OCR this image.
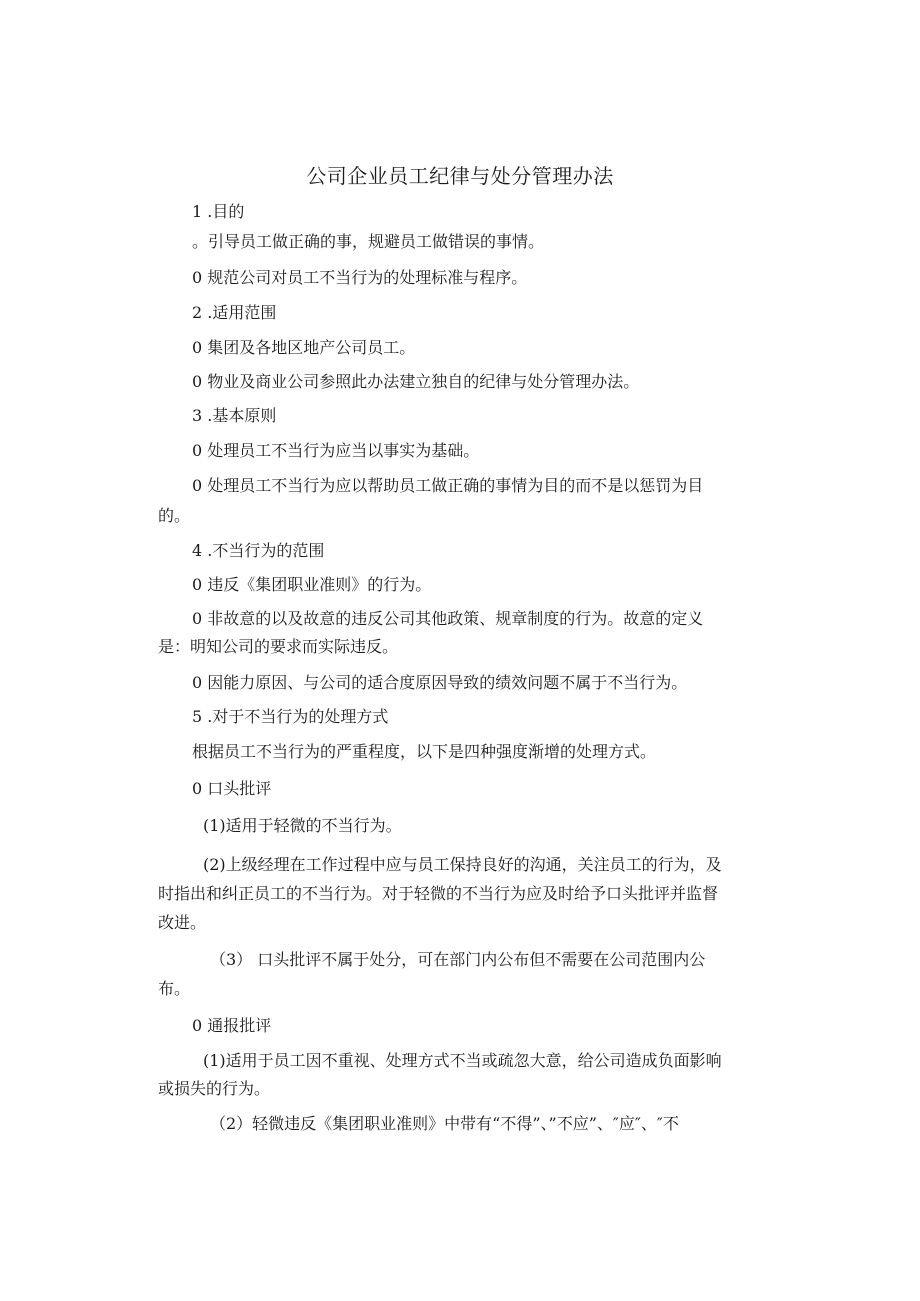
公司企业员工纪律与处分管理办法
1 .目的
。引导员工做正确的事，规避员工做错误的事情。
0 规范公司对员工不当行为的处理标准与程序。
2 .适用范围
0 集团及各地区地产公司员工。
0 物业及商业公司参照此办法建立独自的纪律与处分管理办法。
3 .基本原则
0 处理员工不当行为应当以事实为基础。
0 处理员工不当行为应以帮助员工做正确的事情为目的而不是以惩罚为目
的。
4 .不当行为的范围
0 违反《集团职业准则》的行为。
0 非故意的以及故意的违反公司其他政策、规章制度的行为。故意的定义
是：明知公司的要求而实际违反。
0 因能力原因、与公司的适合度原因导致的绩效问题不属于不当行为。
5 .对于不当行为的处理方式
根据员工不当行为的严重程度，以下是四种强度渐增的处理方式。
0 口头批评
(1)适用于轻微的不当行为。
(2)上级经理在工作过程中应与员工保持良好的沟通，关注员工的行为，及
时指出和纠正员工的不当行为。对于轻微的不当行为应及时给予口头批评并监督
改进。
（3） 口头批评不属于处分，可在部门内公布但不需要在公司范围内公
布。
0 通报批评
(1)适用于员工因不重视、处理方式不当或疏忽大意，给公司造成负面影响
或损失的行为。
（2）轻微违反《集团职业准则》中带有“不得”、”不应”、″应″、″不
